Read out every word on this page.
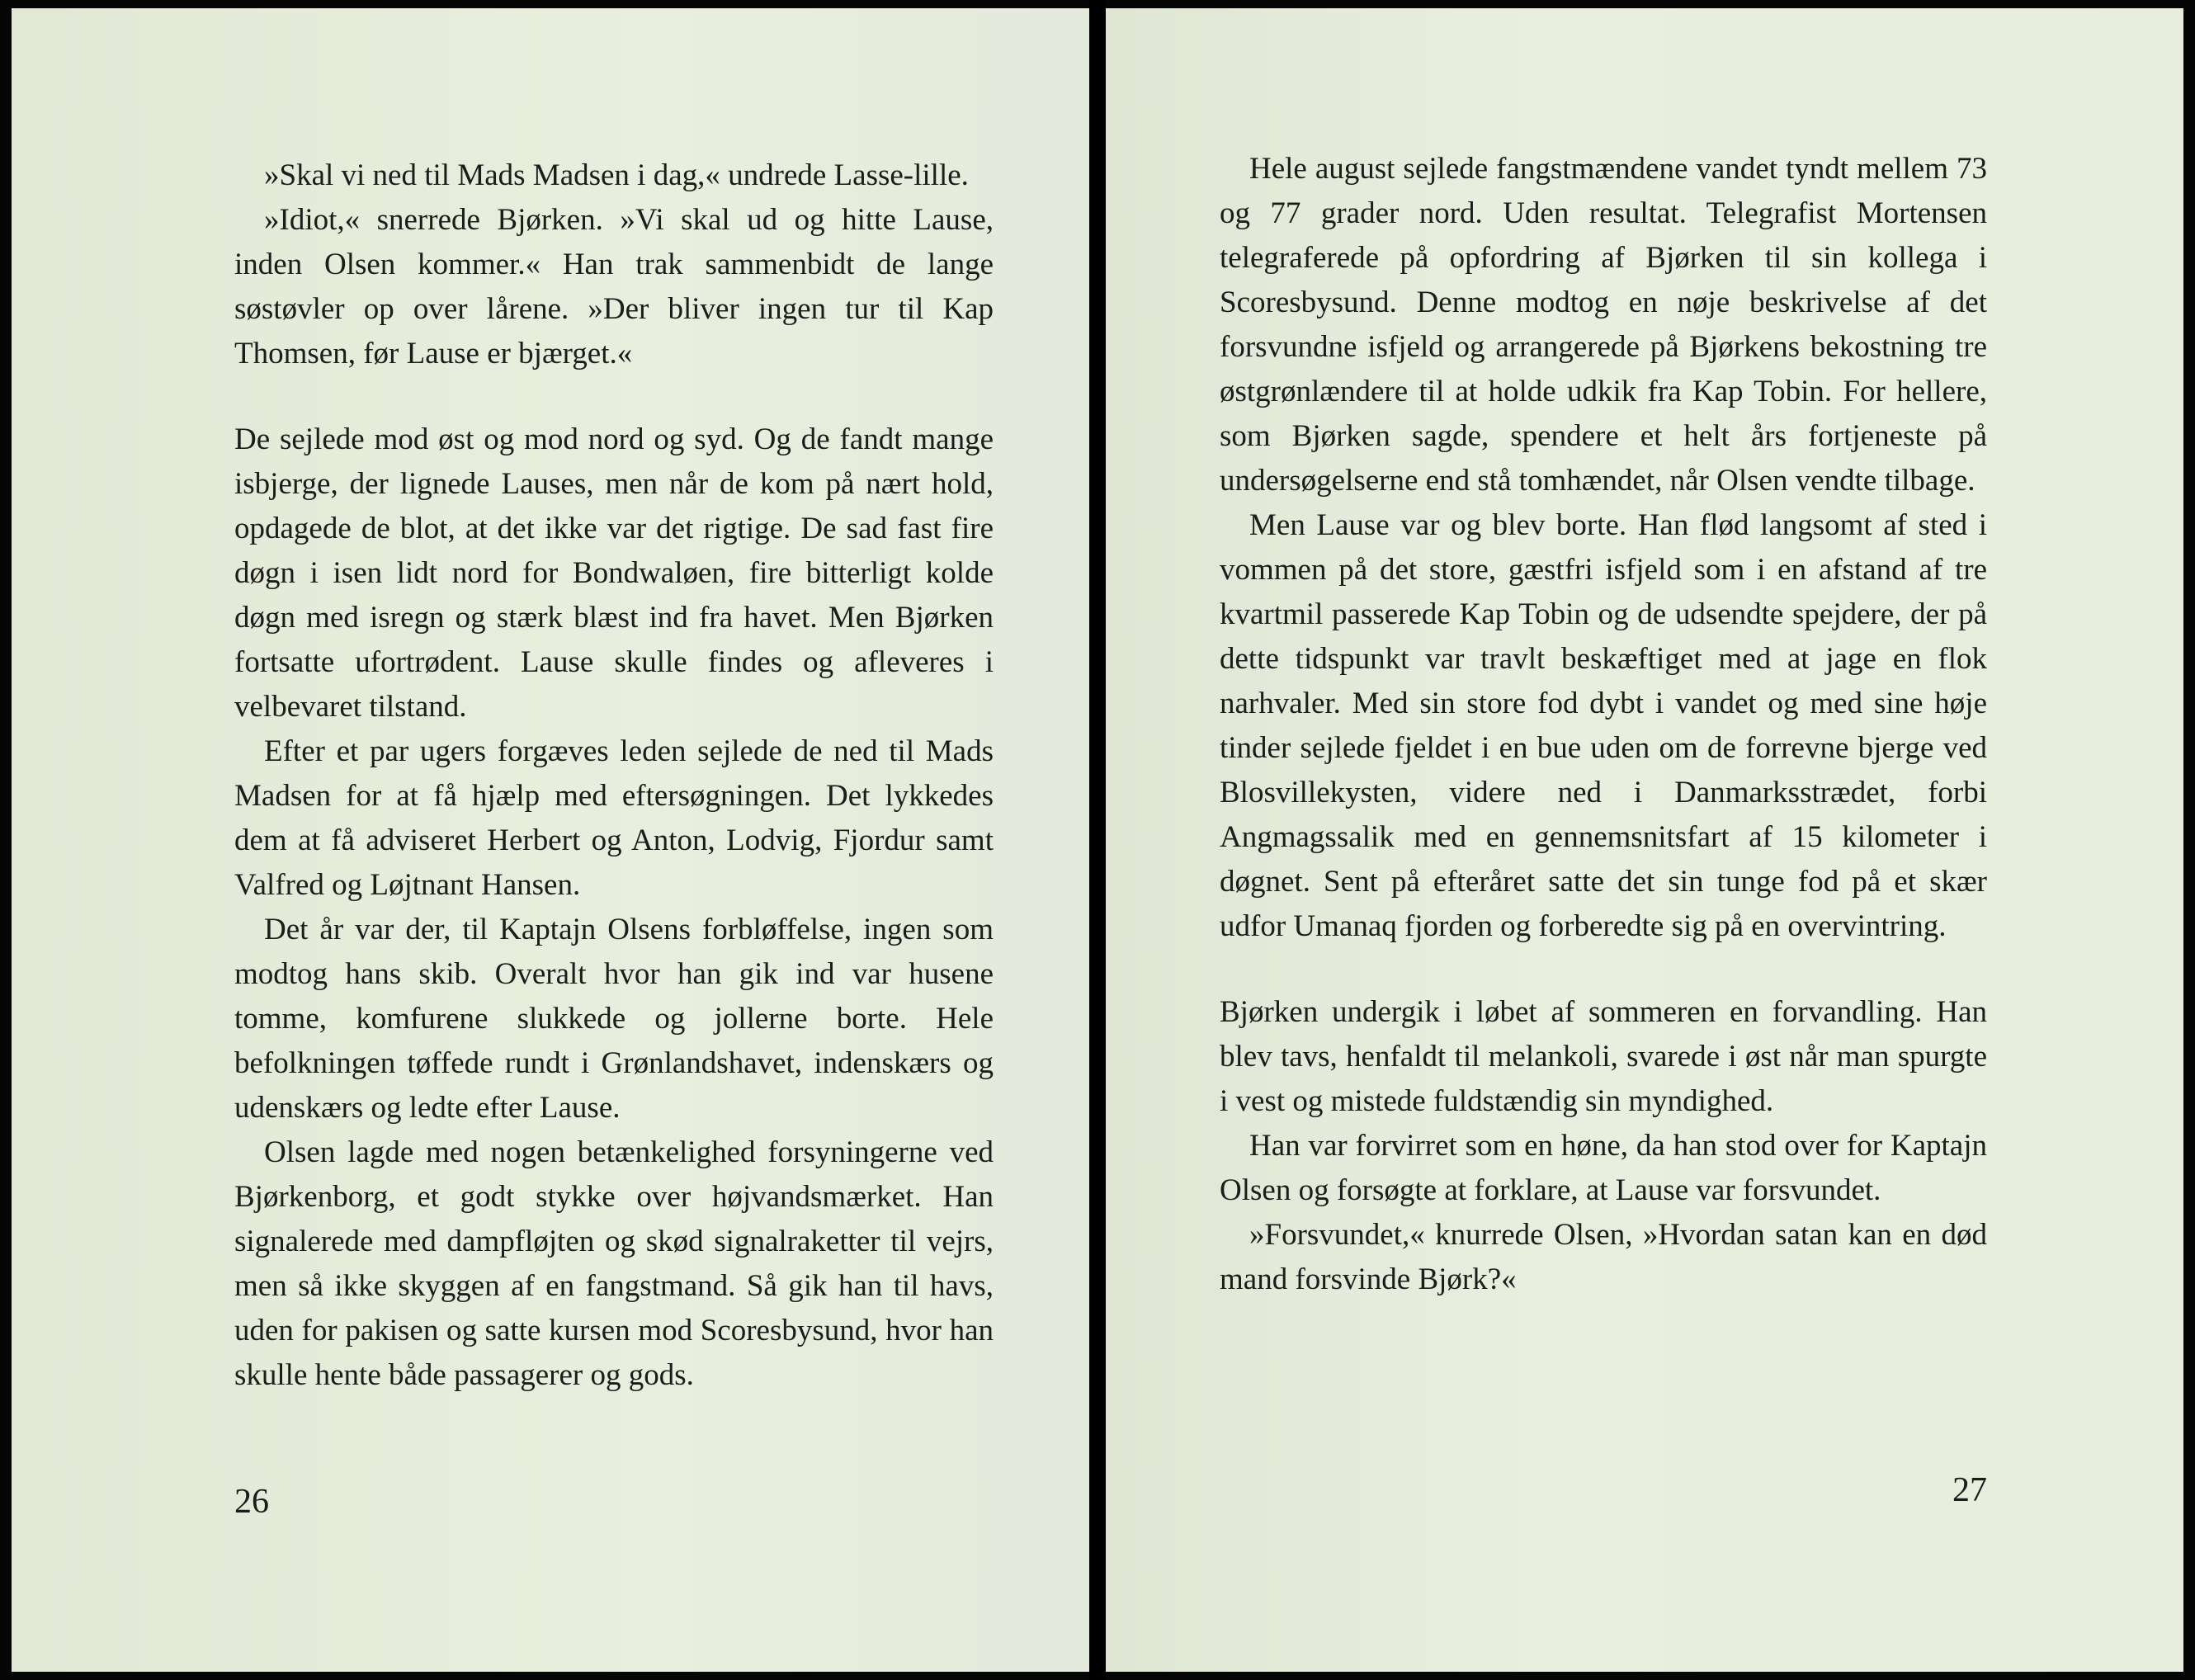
»Skal vi ned til Mads Madsen i dag,« undrede Lasse-lille.

»Idiot,« snerrede Bjørken. »Vi skal ud og hitte Lause, inden Olsen kommer.« Han trak sammenbidt de lange søstøvler op over lårene. »Der bliver ingen tur til Kap Thomsen, før Lause er bjærget.«

De sejlede mod øst og mod nord og syd. Og de fandt mange isbjerge, der lignede Lauses, men når de kom på nært hold, opdagede de blot, at det ikke var det rigtige. De sad fast fire døgn i isen lidt nord for Bondwaløen, fire bitterligt kolde døgn med isregn og stærk blæst ind fra havet. Men Bjørken fortsatte ufortrødent. Lause skulle findes og afleveres i velbevaret tilstand.

Efter et par ugers forgæves leden sejlede de ned til Mads Madsen for at få hjælp med eftersøgningen. Det lykkedes dem at få adviseret Herbert og Anton, Lodvig, Fjordur samt Valfred og Løjtnant Hansen.

Det år var der, til Kaptajn Olsens forbløffelse, ingen som modtog hans skib. Overalt hvor han gik ind var husene tomme, komfurene slukkede og jollerne borte. Hele befolkningen tøffede rundt i Grønlandshavet, indenskærs og udenskærs og ledte efter Lause.

Olsen lagde med nogen betænkelighed forsyningerne ved Bjørkenborg, et godt stykke over højvandsmærket. Han signalerede med dampfløjten og skød signalraketter til vejrs, men så ikke skyggen af en fangstmand. Så gik han til havs, uden for pakisen og satte kursen mod Scoresbysund, hvor han skulle hente både passagerer og gods.

26

Hele august sejlede fangstmændene vandet tyndt mellem 73 og 77 grader nord. Uden resultat. Telegrafist Mortensen telegraferede på opfordring af Bjørken til sin kollega i Scoresbysund. Denne modtog en nøje beskrivelse af det forsvundne isfjeld og arrangerede på Bjørkens bekostning tre østgrønlændere til at holde udkik fra Kap Tobin. For hellere, som Bjørken sagde, spendere et helt års fortjeneste på undersøgelserne end stå tomhændet, når Olsen vendte tilbage.

Men Lause var og blev borte. Han flød langsomt af sted i vommen på det store, gæstfri isfjeld som i en afstand af tre kvartmil passerede Kap Tobin og de udsendte spejdere, der på dette tidspunkt var travlt beskæftiget med at jage en flok narhvaler. Med sin store fod dybt i vandet og med sine høje tinder sejlede fjeldet i en bue uden om de forrevne bjerge ved Blosvillekysten, videre ned i Danmarksstrædet, forbi Angmagssalik med en gennemsnitsfart af 15 kilometer i døgnet. Sent på efteråret satte det sin tunge fod på et skær udfor Umanaq fjorden og forberedte sig på en overvintring.

Bjørken undergik i løbet af sommeren en forvandling. Han blev tavs, henfaldt til melankoli, svarede i øst når man spurgte i vest og mistede fuldstændig sin myndighed.

Han var forvirret som en høne, da han stod over for Kaptajn Olsen og forsøgte at forklare, at Lause var forsvundet.

»Forsvundet,« knurrede Olsen, »Hvordan satan kan en død mand forsvinde Bjørk?«

27
